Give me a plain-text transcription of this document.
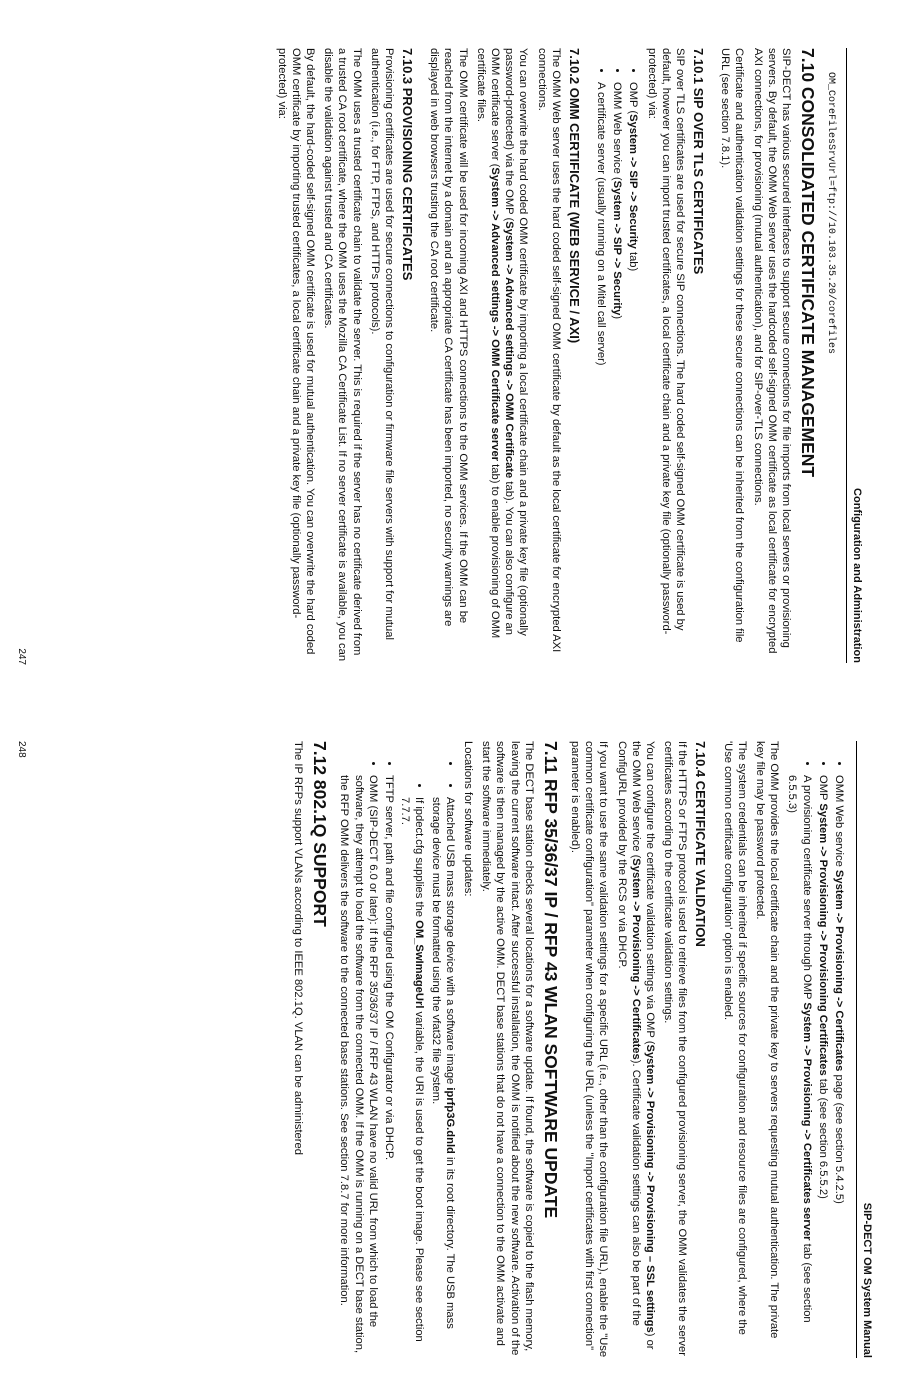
Configuration and Administration
OM_CoreFilesSrvUrl=ftp://10.103.35.20/corefiles
7.10 CONSOLIDATED CERTIFICATE MANAGEMENT

SIP-DECT has various secured interfaces to support secure connections for file imports from local servers or provisioning servers. By default, the OMM Web server uses the hardcoded self-signed OMM certificate as local certificate for encrypted AXI connections, for provisioning (mutual authentication), and for SIP-over-TLS connections.

Certificate and authentication validation settings for these secure connections can be inherited from the configuration file URL (see section 7.8.1).

7.10.1 SIP OVER TLS CERTIFICATES

SIP over TLS certificates are used for secure SIP connections. The hard coded self-signed OMM certificate is used by default, however you can import trusted certificates, a local certificate chain and a private key file (optionally password-protected) via:

• OMP (System -> SIP -> Security tab)
• OMM Web service (System -> SIP -> Security)
• A certificate server (usually running on a Mitel call server)
7.10.2 OMM CERTIFICATE (WEB SERVICE / AXI)

The OMM Web server uses the hard coded self-signed OMM certificate by default as the local certificate for encrypted AXI connections.

You can overwrite the hard coded OMM certificate by importing a local certificate chain and a private key file (optionally password-protected) via the OMP (System -> Advanced settings -> OMM Certificate tab). You can also configure an OMM certificate server (System -> Advanced settings -> OMM Certificate server tab) to enable provisioning of OMM certificate files.

The OMM certificate will be used for incoming AXI and HTTPS connections to the OMM services. If the OMM can be reached from the internet by a domain and an appropriate CA certificate has been imported, no security warnings are displayed in web browsers trusting the CA root certificate.

7.10.3 PROVISIONING CERTIFICATES

Provisioning certificates are used for secure connections to configuration or firmware file servers with support for mutual authentication (i.e., for FTP, FTPS, and HTTPs protocols).

The OMM uses a trusted certificate chain to validate the server. This is required if the server has no certificate derived from a trusted CA root certificate, where the OMM uses the Mozilla CA Certificate List. If no server certificate is available, you can disable the validation against trusted and CA certificates.

By default, the hard-coded self-signed OMM certificate is used for mutual authentication. You can overwrite the hard coded OMM certificate by importing trusted certificates, a local certificate chain and a private key file (optionally password-protected) via:

247
SIP-DECT OM System Manual
• OMM Web service System -> Provisioning -> Certificates page (see section 5.4.2.5)
• OMP System -> Provisioning -> Provisioning Certificates tab (see section 6.5.5.2)
• A provisioning certificate server through OMP System -> Provisioning -> Certificates server tab (see section 6.5.5.3)

The OMM provides the local certificate chain and the private key to servers requesting mutual authentication. The private key file may be password protected.

The system credentials can be inherited if specific sources for configuration and resource files are configured, where the 'Use common certificate configuration' option is enabled.

7.10.4 CERTIFICATE VALIDATION

If the HTTPS or FTPS protocol is used to retrieve files from the configured provisioning server, the OMM validates the server certificates according to the certificate validation settings.

You can configure the certificate validation settings via OMP (System -> Provisioning -> Provisioning – SSL settings) or the OMM Web service (System -> Provisioning -> Certificates). Certificate validation settings can also be part of the ConfigURL provided by the RCS or via DHCP.

If you want to use the same validation settings for a specific URL (i.e., other than the configuration file URL), enable the "Use common certificate configuration" parameter when configuring the URL (unless the "Import certificates with first connection" parameter is enabled).

7.11 RFP 35/36/37 IP / RFP 43 WLAN SOFTWARE UPDATE

The DECT base station checks several locations for a software update. If found, the software is copied to the flash memory, leaving the current software intact. After successful installation, the OMM is notified about the new software. Activation of the software is then managed by the active OMM. DECT base stations that do not have a connection to the OMM activate and start the software immediately.

Locations for software updates:

• • Attached USB mass storage device with a software image iprfp3G.dnld in its root directory. The USB mass storage device must be formatted using the vfat32 file system.
• If ipdect.cfg supplies the OM_SwImageUrl variable, the URI is used to get the boot image. Please see section 7.7.7.
• TFTP server, path and file configured using the OM Configurator or via DHCP.
• OMM (SIP-DECT 6.0 or later): If the RFP 35/36/37 IP / RFP 43 WLAN have no valid URL from which to load the software, they attempt to load the software from the connected OMM. If the OMM is running on a DECT base station, the RFP OMM delivers the software to the connected base stations. See section 7.8.7 for more information.
7.12 802.1Q SUPPORT

The IP RFPs support VLANs according to IEEE 802.1Q. VLAN can be administered

248
